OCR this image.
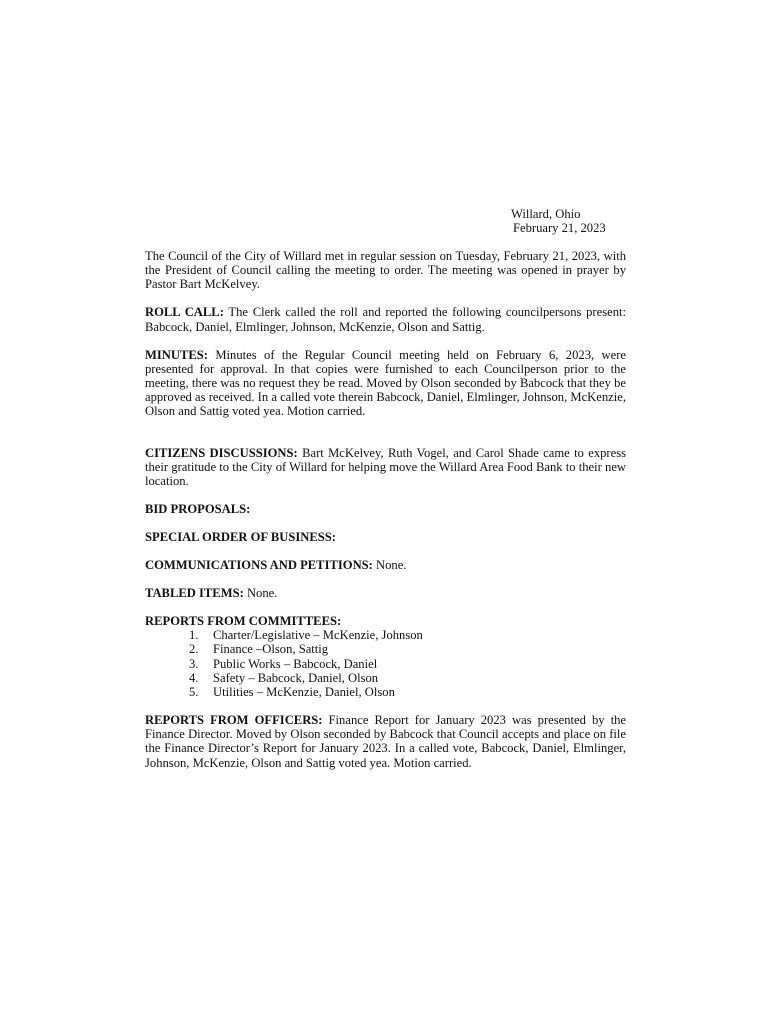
Willard, Ohio
February 21, 2023

The Council of the City of Willard met in regular session on Tuesday, February 21, 2023, with the President of Council calling the meeting to order. The meeting was opened in prayer by Pastor Bart McKelvey.

ROLL CALL: The Clerk called the roll and reported the following councilpersons present: Babcock, Daniel, Elmlinger, Johnson, McKenzie, Olson and Sattig.

MINUTES: Minutes of the Regular Council meeting held on February 6, 2023, were presented for approval. In that copies were furnished to each Councilperson prior to the meeting, there was no request they be read. Moved by Olson seconded by Babcock that they be approved as received. In a called vote therein Babcock, Daniel, Elmlinger, Johnson, McKenzie, Olson and Sattig voted yea. Motion carried.

CITIZENS DISCUSSIONS: Bart McKelvey, Ruth Vogel, and Carol Shade came to express their gratitude to the City of Willard for helping move the Willard Area Food Bank to their new location.

BID PROPOSALS:

SPECIAL ORDER OF BUSINESS:

COMMUNICATIONS AND PETITIONS: None.

TABLED ITEMS: None.

REPORTS FROM COMMITTEES:
1.	Charter/Legislative – McKenzie, Johnson
2.	Finance –Olson, Sattig
3.	Public Works – Babcock, Daniel
4.	Safety – Babcock, Daniel, Olson
5.	Utilities – McKenzie, Daniel, Olson

REPORTS FROM OFFICERS: Finance Report for January 2023 was presented by the Finance Director. Moved by Olson seconded by Babcock that Council accepts and place on file the Finance Director’s Report for January 2023. In a called vote, Babcock, Daniel, Elmlinger, Johnson, McKenzie, Olson and Sattig voted yea. Motion carried.
